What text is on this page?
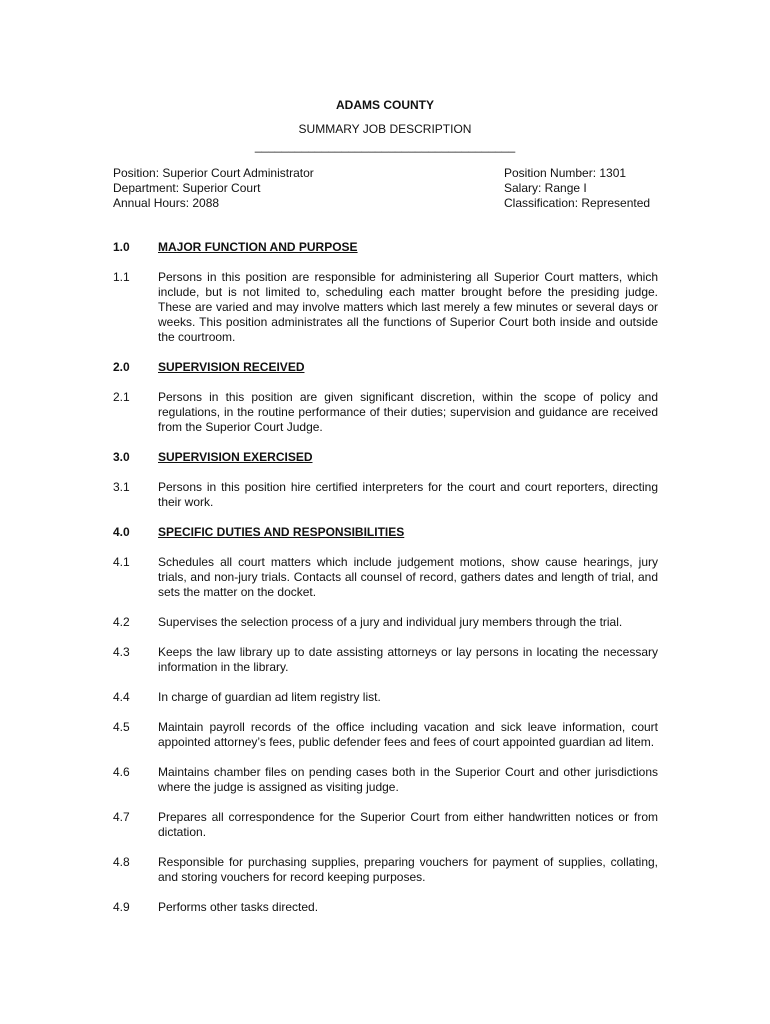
ADAMS COUNTY
SUMMARY JOB DESCRIPTION
_______________________________________
Position: Superior Court Administrator
Department: Superior Court
Annual Hours: 2088
Position Number: 1301
Salary: Range I
Classification: Represented
1.0	MAJOR FUNCTION AND PURPOSE
1.1	Persons in this position are responsible for administering all Superior Court matters, which include, but is not limited to, scheduling each matter brought before the presiding judge. These are varied and may involve matters which last merely a few minutes or several days or weeks. This position administrates all the functions of Superior Court both inside and outside the courtroom.
2.0	SUPERVISION RECEIVED
2.1	Persons in this position are given significant discretion, within the scope of policy and regulations, in the routine performance of their duties; supervision and guidance are received from the Superior Court Judge.
3.0	SUPERVISION EXERCISED
3.1	Persons in this position hire certified interpreters for the court and court reporters, directing their work.
4.0	SPECIFIC DUTIES AND RESPONSIBILITIES
4.1	Schedules all court matters which include judgement motions, show cause hearings, jury trials, and non-jury trials. Contacts all counsel of record, gathers dates and length of trial, and sets the matter on the docket.
4.2	Supervises the selection process of a jury and individual jury members through the trial.
4.3	Keeps the law library up to date assisting attorneys or lay persons in locating the necessary information in the library.
4.4	In charge of guardian ad litem registry list.
4.5	Maintain payroll records of the office including vacation and sick leave information, court appointed attorney’s fees, public defender fees and fees of court appointed guardian ad litem.
4.6	Maintains chamber files on pending cases both in the Superior Court and other jurisdictions where the judge is assigned as visiting judge.
4.7	Prepares all correspondence for the Superior Court from either handwritten notices or from dictation.
4.8	Responsible for purchasing supplies, preparing vouchers for payment of supplies, collating, and storing vouchers for record keeping purposes.
4.9	Performs other tasks directed.
